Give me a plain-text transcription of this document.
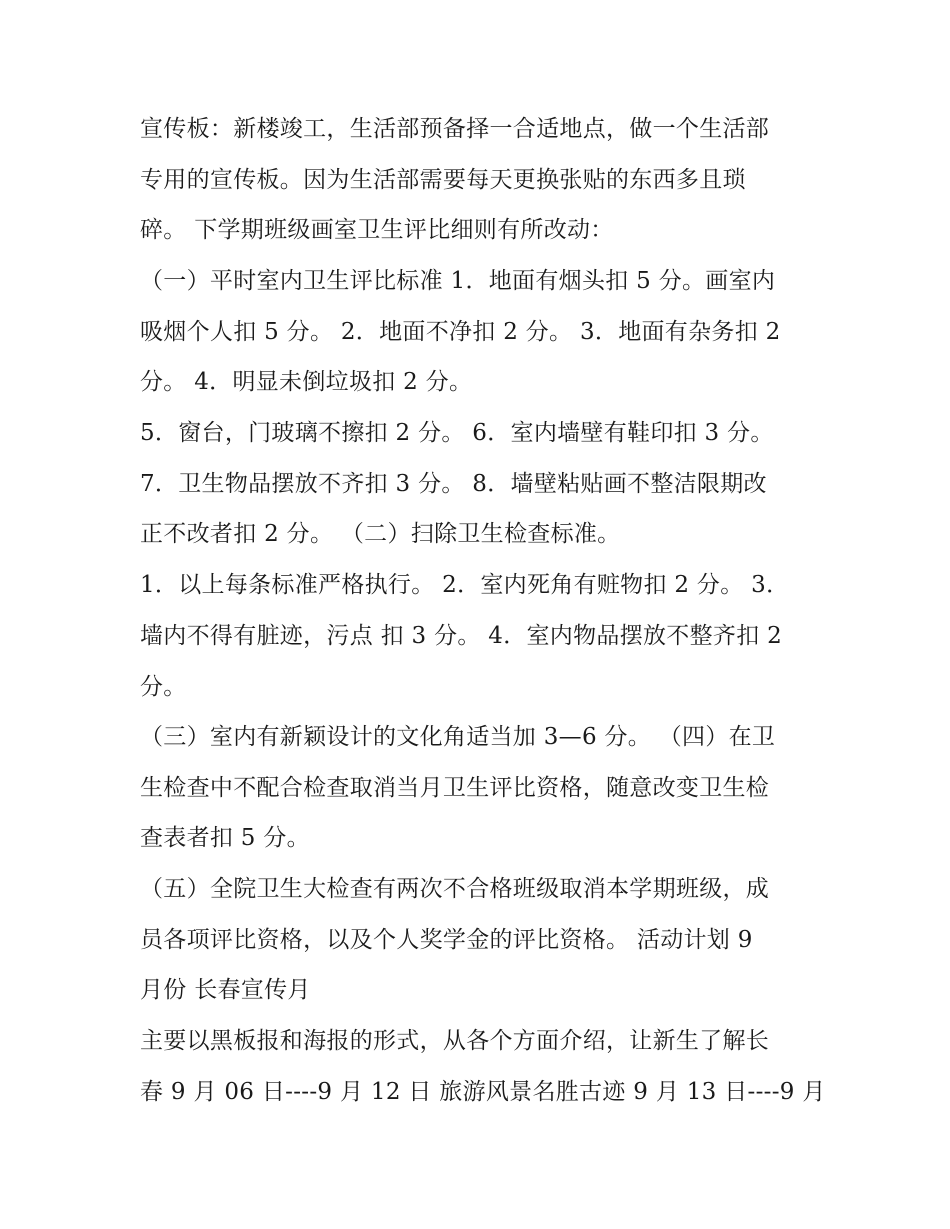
宣传板：新楼竣工，生活部预备择一合适地点，做一个生活部
专用的宣传板。因为生活部需要每天更换张贴的东西多且琐
碎。 下学期班级画室卫生评比细则有所改动：
（一）平时室内卫生评比标准 1．地面有烟头扣 5 分。画室内
吸烟个人扣 5 分。 2．地面不净扣 2 分。 3．地面有杂务扣 2
分。 4．明显未倒垃圾扣 2 分。
5．窗台，门玻璃不擦扣 2 分。 6．室内墙壁有鞋印扣 3 分。
7．卫生物品摆放不齐扣 3 分。 8．墙壁粘贴画不整洁限期改
正不改者扣 2 分。 （二）扫除卫生检查标准。
1．以上每条标准严格执行。 2．室内死角有赃物扣 2 分。 3．
墙内不得有脏迹，污点 扣 3 分。 4．室内物品摆放不整齐扣 2
分。
（三）室内有新颖设计的文化角适当加 3—6 分。 （四）在卫
生检查中不配合检查取消当月卫生评比资格，随意改变卫生检
查表者扣 5 分。
（五）全院卫生大检查有两次不合格班级取消本学期班级，成
员各项评比资格，以及个人奖学金的评比资格。 活动计划 9
月份 长春宣传月
主要以黑板报和海报的形式，从各个方面介绍，让新生了解长
春 9 月 06 日----9 月 12 日 旅游风景名胜古迹 9 月 13 日----9 月
